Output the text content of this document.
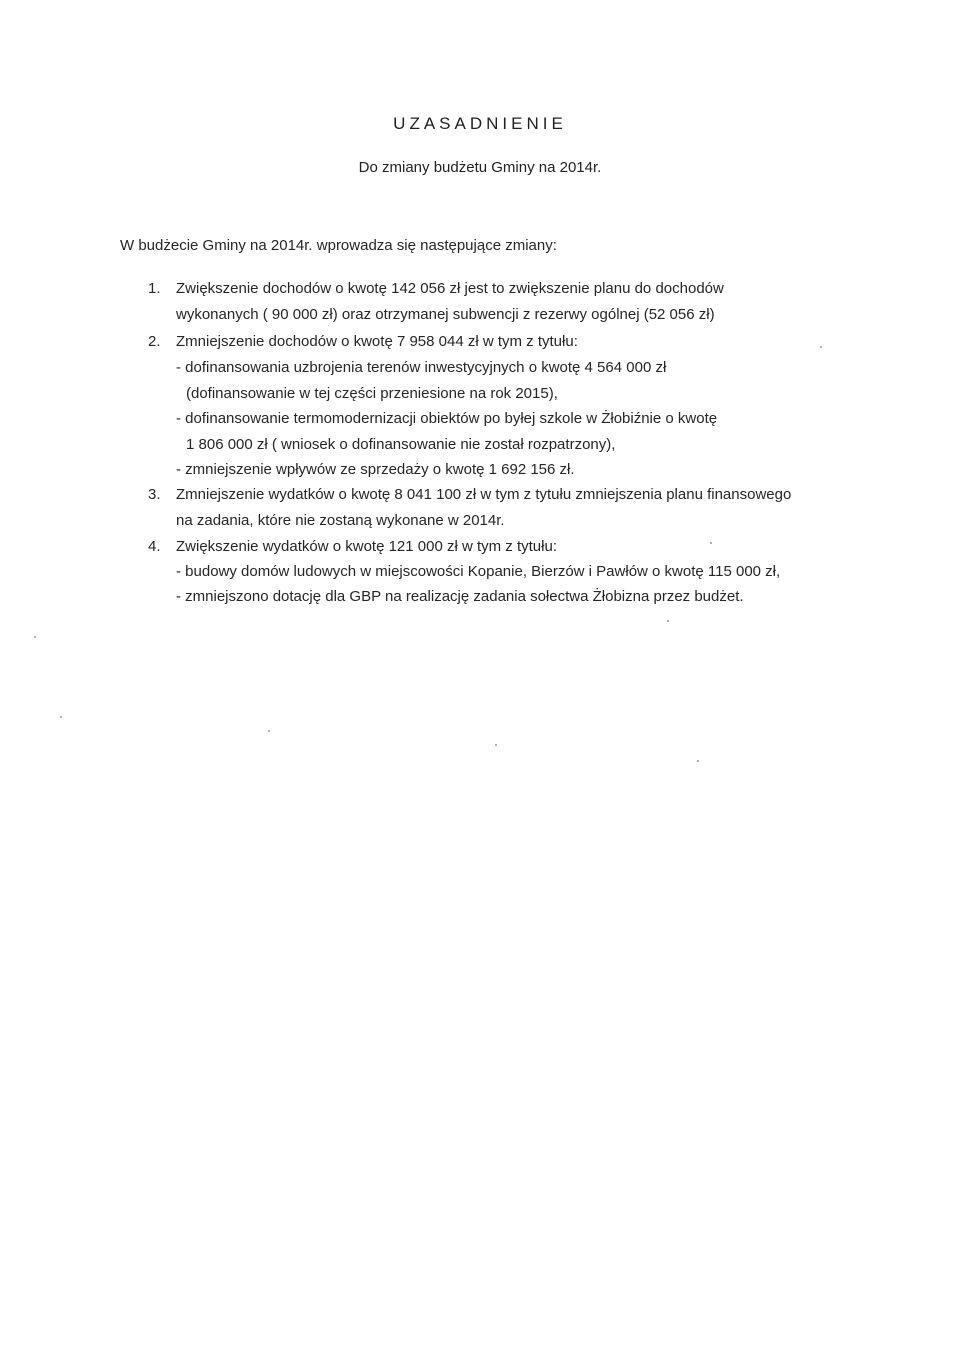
UZASADNIENIE
Do zmiany budżetu Gminy na 2014r.
W budżecie Gminy na 2014r. wprowadza się następujące zmiany:
1. Zwiększenie dochodów o kwotę 142 056 zł jest to zwiększenie planu do dochodów
wykonanych ( 90 000 zł) oraz otrzymanej subwencji z rezerwy ogólnej (52 056 zł)
2. Zmniejszenie dochodów o kwotę 7 958 044 zł w tym z tytułu:
- dofinansowania uzbrojenia terenów inwestycyjnych o kwotę 4 564 000 zł
(dofinansowanie w tej części przeniesione na rok 2015),
- dofinansowanie termomodernizacji obiektów po byłej szkole w Żłobiźnie o kwotę
1 806 000 zł ( wniosek o dofinansowanie nie został rozpatrzony),
- zmniejszenie wpływów ze sprzedaży o kwotę 1 692 156 zł.
3. Zmniejszenie wydatków o kwotę 8 041 100 zł w tym z tytułu zmniejszenia planu finansowego
na zadania, które nie zostaną wykonane w 2014r.
4. Zwiększenie wydatków o kwotę 121 000 zł w tym z tytułu:
- budowy domów ludowych w miejscowości Kopanie, Bierzów i Pawłów o kwotę 115 000 zł,
- zmniejszono dotację dla GBP na realizację zadania sołectwa Żłobizna przez budżet.
